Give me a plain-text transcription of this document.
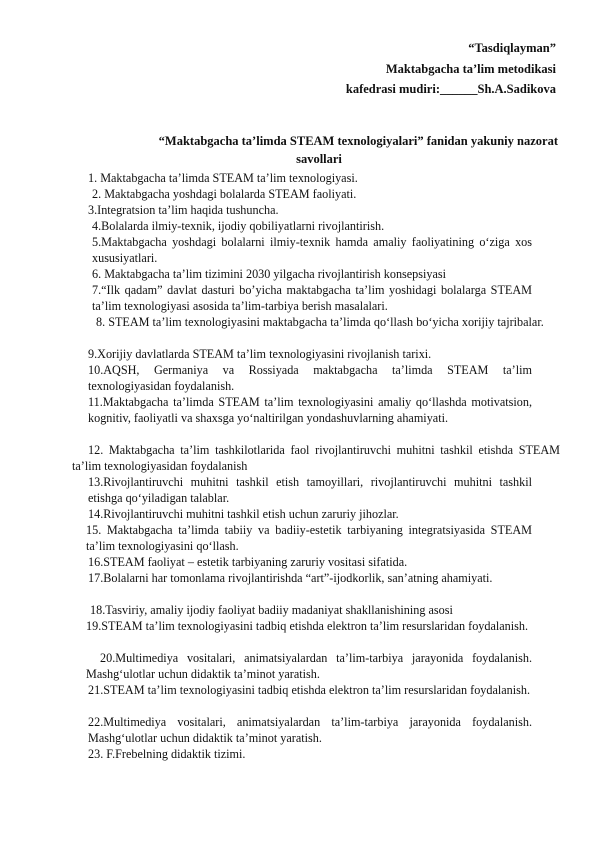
“Tasdiqlayman”
Maktabgacha ta’lim metodikasi
kafedrasi mudiri:______Sh.A.Sadikova
“Maktabgacha ta’limda STEAM texnologiyalari” fanidan yakuniy nazorat
savollari

1. Maktabgacha ta’limda STEAM ta’lim texnologiyasi.

2. Maktabgacha yoshdagi bolalarda STEAM faoliyati.

3.Integratsion ta’lim haqida tushuncha.

4.Bolalarda ilmiy-texnik, ijodiy qobiliyatlarni rivojlantirish.

5.Maktabgacha yoshdagi bolalarni ilmiy-texnik hamda amaliy faoliyatining o‘ziga xos xususiyatlari.

6. Maktabgacha ta’lim tizimini 2030 yilgacha rivojlantirish konsepsiyasi

7.“Ilk qadam” davlat dasturi bo’yicha maktabgacha ta’lim yoshidagi bolalarga STEAM ta’lim texnologiyasi asosida ta’lim-tarbiya berish masalalari.

8. STEAM ta’lim texnologiyasini maktabgacha ta’limda qo‘llash bo‘yicha xorijiy tajribalar.

9.Xorijiy davlatlarda STEAM ta’lim texnologiyasini rivojlanish tarixi.

10.AQSH, Germaniya va Rossiyada maktabgacha ta’limda STEAM ta’lim texnologiyasidan foydalanish.

11.Maktabgacha ta’limda STEAM ta’lim texnologiyasini amaliy qo‘llashda motivatsion, kognitiv, faoliyatli va shaxsga yo‘naltirilgan yondashuvlarning ahamiyati.

12. Maktabgacha ta’lim tashkilotlarida faol rivojlantiruvchi muhitni tashkil etishda STEAM ta’lim texnologiyasidan foydalanish

13.Rivojlantiruvchi muhitni tashkil etish tamoyillari, rivojlantiruvchi muhitni tashkil etishga qo‘yiladigan talablar.

14.Rivojlantiruvchi muhitni tashkil etish uchun zaruriy jihozlar.

15. Maktabgacha ta’limda tabiiy va badiiy-estetik tarbiyaning integratsiyasida STEAM ta’lim texnologiyasini qo‘llash.

16.STEAM faoliyat – estetik tarbiyaning zaruriy vositasi sifatida.

17.Bolalarni har tomonlama rivojlantirishda “art”-ijodkorlik, san’atning ahamiyati.

18.Tasviriy, amaliy ijodiy faoliyat badiiy madaniyat shakllanishining asosi

19.STEAM ta’lim texnologiyasini tadbiq etishda elektron ta’lim resurslaridan foydalanish.

20.Multimediya vositalari, animatsiyalardan ta’lim-tarbiya jarayonida foydalanish. Mashg‘ulotlar uchun didaktik ta’minot yaratish.

21.STEAM ta’lim texnologiyasini tadbiq etishda elektron ta’lim resurslaridan foydalanish.

22.Multimediya vositalari, animatsiyalardan ta’lim-tarbiya jarayonida foydalanish. Mashg‘ulotlar uchun didaktik ta’minot yaratish.

23. F.Frebelning didaktik tizimi.
